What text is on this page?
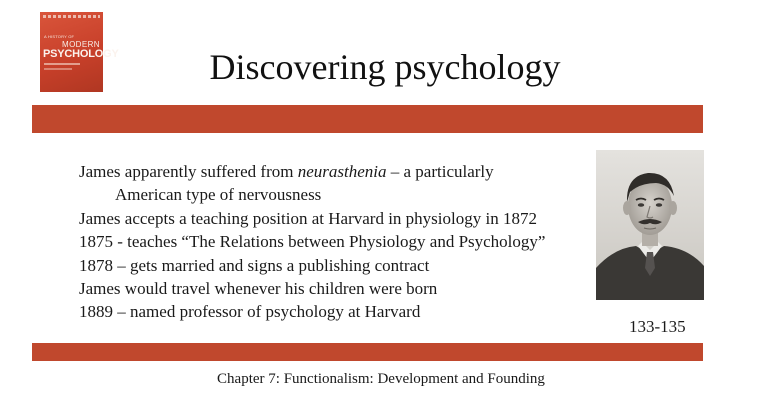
A HISTORY OF
MODERN
PSYCHOLOGY	Discovering psychology
James apparently suffered from neurasthenia – a particularly
American type of nervousness
James accepts a teaching position at Harvard in physiology in 1872
1875 - teaches “The Relations between Physiology and Psychology”
1878 – gets married and signs a publishing contract
James would travel whenever his children were born
1889 – named professor of psychology at Harvard
133-135
Chapter 7: Functionalism: Development and Founding
